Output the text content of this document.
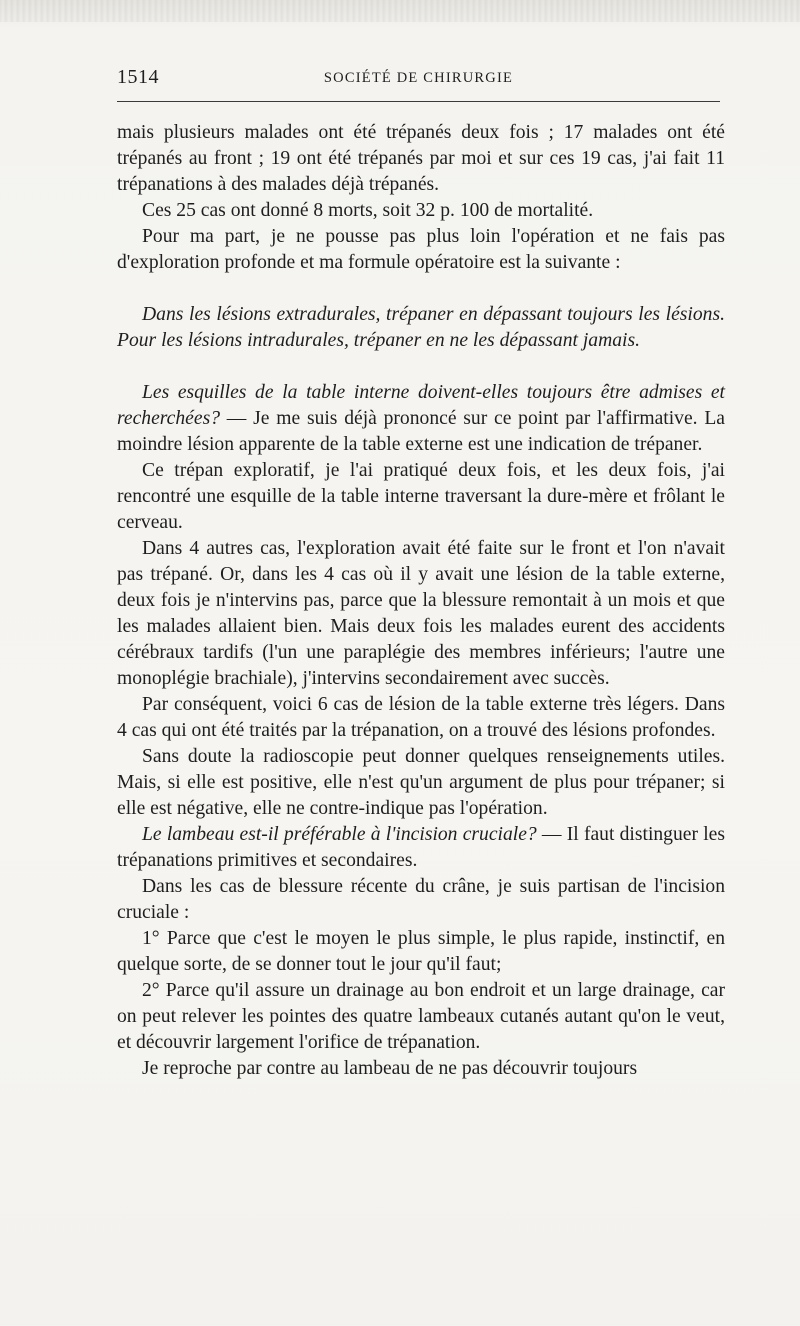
1514	SOCIÉTÉ DE CHIRURGIE

mais plusieurs malades ont été trépanés deux fois ; 17 malades ont été trépanés au front ; 19 ont été trépanés par moi et sur ces 19 cas, j'ai fait 11 trépanations à des malades déjà trépanés.

Ces 25 cas ont donné 8 morts, soit 32 p. 100 de mortalité.

Pour ma part, je ne pousse pas plus loin l'opération et ne fais pas d'exploration profonde et ma formule opératoire est la suivante :

Dans les lésions extradurales, trépaner en dépassant toujours les lésions. Pour les lésions intradurales, trépaner en ne les dépassant jamais.

Les esquilles de la table interne doivent-elles toujours être admises et recherchées? — Je me suis déjà prononcé sur ce point par l'affirmative. La moindre lésion apparente de la table externe est une indication de trépaner.

Ce trépan exploratif, je l'ai pratiqué deux fois, et les deux fois, j'ai rencontré une esquille de la table interne traversant la dure-mère et frôlant le cerveau.

Dans 4 autres cas, l'exploration avait été faite sur le front et l'on n'avait pas trépané. Or, dans les 4 cas où il y avait une lésion de la table externe, deux fois je n'intervins pas, parce que la blessure remontait à un mois et que les malades allaient bien. Mais deux fois les malades eurent des accidents cérébraux tardifs (l'un une paraplégie des membres inférieurs; l'autre une monoplégie brachiale), j'intervins secondairement avec succès.

Par conséquent, voici 6 cas de lésion de la table externe très légers. Dans 4 cas qui ont été traités par la trépanation, on a trouvé des lésions profondes.

Sans doute la radioscopie peut donner quelques renseignements utiles. Mais, si elle est positive, elle n'est qu'un argument de plus pour trépaner; si elle est négative, elle ne contre-indique pas l'opération.

Le lambeau est-il préférable à l'incision cruciale? — Il faut distinguer les trépanations primitives et secondaires.

Dans les cas de blessure récente du crâne, je suis partisan de l'incision cruciale :

1° Parce que c'est le moyen le plus simple, le plus rapide, instinctif, en quelque sorte, de se donner tout le jour qu'il faut;

2° Parce qu'il assure un drainage au bon endroit et un large drainage, car on peut relever les pointes des quatre lambeaux cutanés autant qu'on le veut, et découvrir largement l'orifice de trépanation.

Je reproche par contre au lambeau de ne pas découvrir toujours
